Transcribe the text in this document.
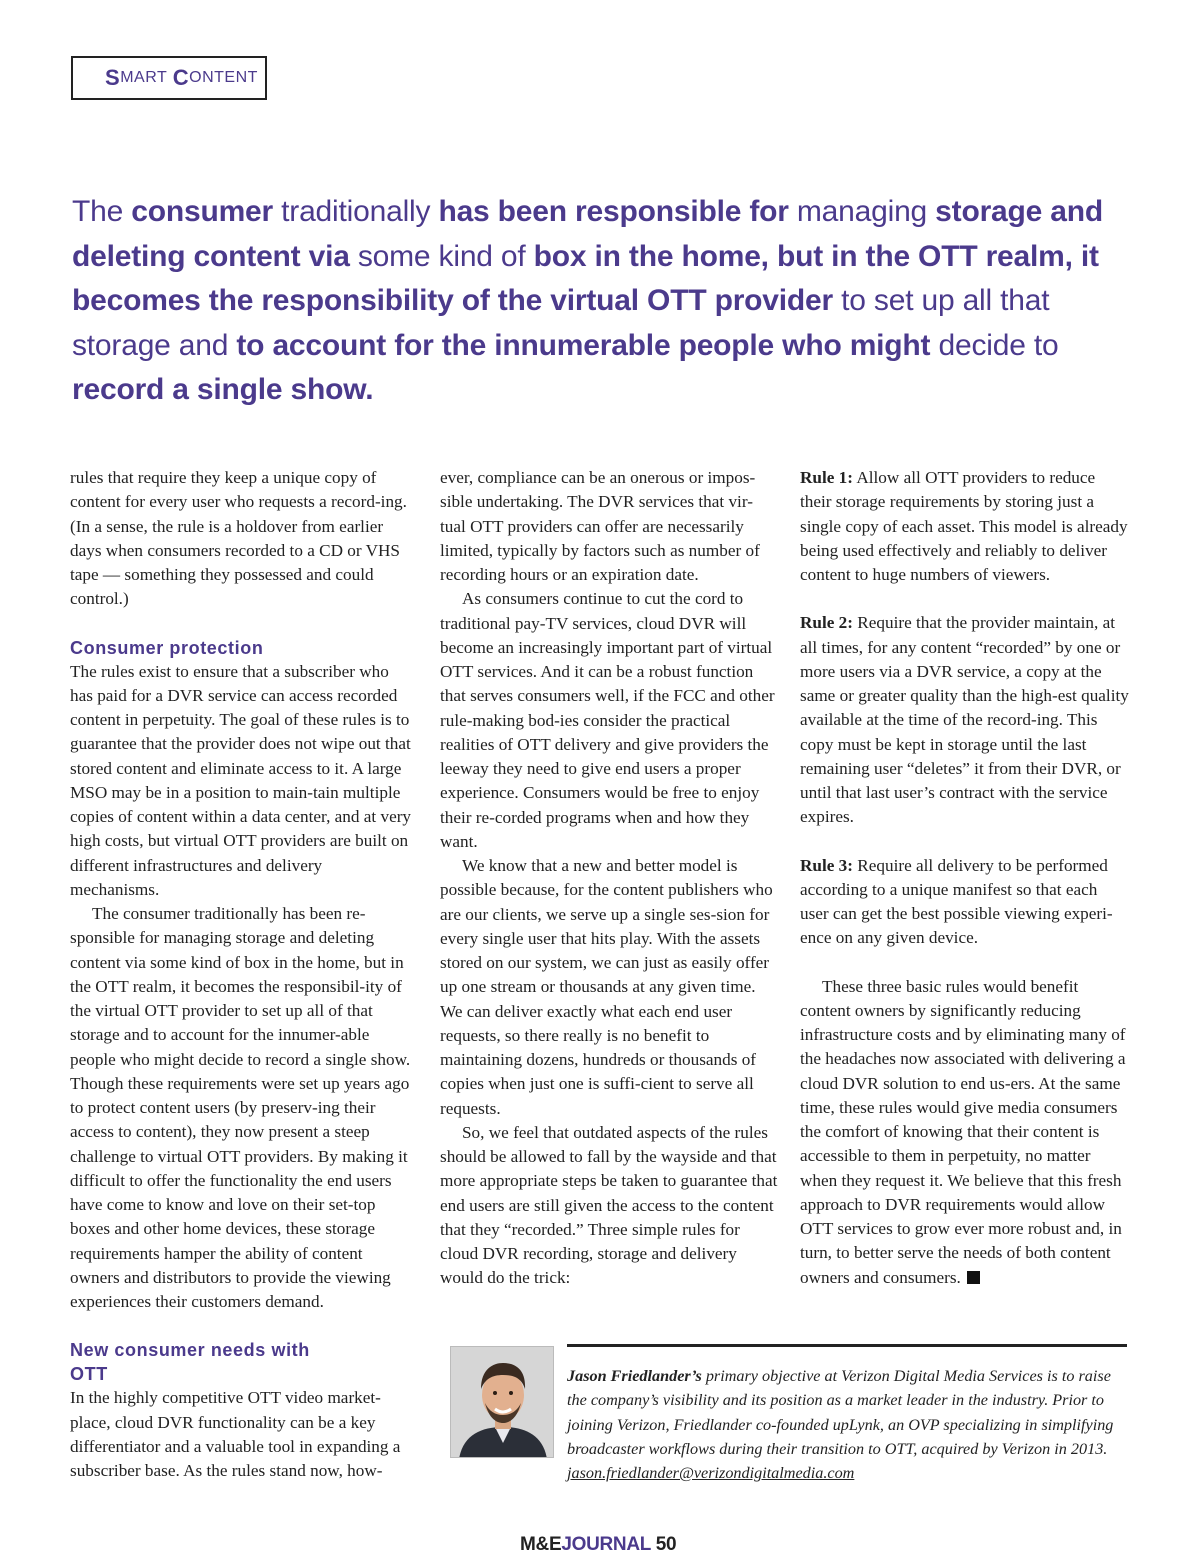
S MART
C ONTENT

The consumer traditionally has been responsible for managing storage and deleting content via some kind of box in the home, but in the OTT realm, it becomes the responsibility of the virtual OTT provider to set up all that storage and to account for the innumerable people who might decide to record a single show.

rules that require they keep a unique copy of content for every user who requests a record-ing. (In a sense, the rule is a holdover from earlier days when consumers recorded to a CD or VHS tape — something they possessed and could control.)

Consumer protection

The rules exist to ensure that a subscriber who has paid for a DVR service can access recorded content in perpetuity. The goal of these rules is to guarantee that the provider does not wipe out that stored content and eliminate access to it. A large MSO may be in a position to main-tain multiple copies of content within a data center, and at very high costs, but virtual OTT providers are built on different infrastructures and delivery mechanisms.

The consumer traditionally has been re-sponsible for managing storage and deleting content via some kind of box in the home, but in the OTT realm, it becomes the responsibil-ity of the virtual OTT provider to set up all of that storage and to account for the innumer-able people who might decide to record a single show. Though these requirements were set up years ago to protect content users (by preserv-ing their access to content), they now present a steep challenge to virtual OTT providers. By making it difficult to offer the functionality the end users have come to know and love on their set-top boxes and other home devices, these storage requirements hamper the ability of content owners and distributors to provide the viewing experiences their customers demand.

New consumer needs with OTT

In the highly competitive OTT video market-place, cloud DVR functionality can be a key differentiator and a valuable tool in expanding a subscriber base. As the rules stand now, how-

ever, compliance can be an onerous or impos-sible undertaking. The DVR services that vir-tual OTT providers can offer are necessarily limited, typically by factors such as number of recording hours or an expiration date.

As consumers continue to cut the cord to traditional pay-TV services, cloud DVR will become an increasingly important part of virtual OTT services. And it can be a robust function that serves consumers well, if the FCC and other rule-making bod-ies consider the practical realities of OTT delivery and give providers the leeway they need to give end users a proper experience. Consumers would be free to enjoy their re-corded programs when and how they want.

We know that a new and better model is possible because, for the content publishers who are our clients, we serve up a single ses-sion for every single user that hits play. With the assets stored on our system, we can just as easily offer up one stream or thousands at any given time. We can deliver exactly what each end user requests, so there really is no benefit to maintaining dozens, hundreds or thousands of copies when just one is suffi-cient to serve all requests.

So, we feel that outdated aspects of the rules should be allowed to fall by the wayside and that more appropriate steps be taken to guarantee that end users are still given the access to the content that they “recorded.” Three simple rules for cloud DVR recording, storage and delivery would do the trick:

Rule 1: Allow all OTT providers to reduce their storage requirements by storing just a single copy of each asset. This model is already being used effectively and reliably to deliver content to huge numbers of viewers.

Rule 2: Require that the provider maintain, at all times, for any content “recorded” by one or more users via a DVR service, a copy at the same or greater quality than the high-est quality available at the time of the record-ing. This copy must be kept in storage until the last remaining user “deletes” it from their DVR, or until that last user’s contract with the service expires.

Rule 3: Require all delivery to be performed according to a unique manifest so that each user can get the best possible viewing experi-ence on any given device.

These three basic rules would benefit content owners by significantly reducing infrastructure costs and by eliminating many of the headaches now associated with delivering a cloud DVR solution to end us-ers. At the same time, these rules would give media consumers the comfort of knowing that their content is accessible to them in perpetuity, no matter when they request it. We believe that this fresh approach to DVR requirements would allow OTT services to grow ever more robust and, in turn, to better serve the needs of both content owners and consumers.

Jason Friedlander’s primary objective at Verizon Digital Media Services is to raise the company’s visibility and its position as a market leader in the industry. Prior to joining Verizon, Friedlander co-founded upLynk, an OVP specializing in simplifying broadcaster workflows during their transition to OTT, acquired by Verizon in 2013. jason.friedlander@verizondigitalmedia.com

M&EJOURNAL 50
